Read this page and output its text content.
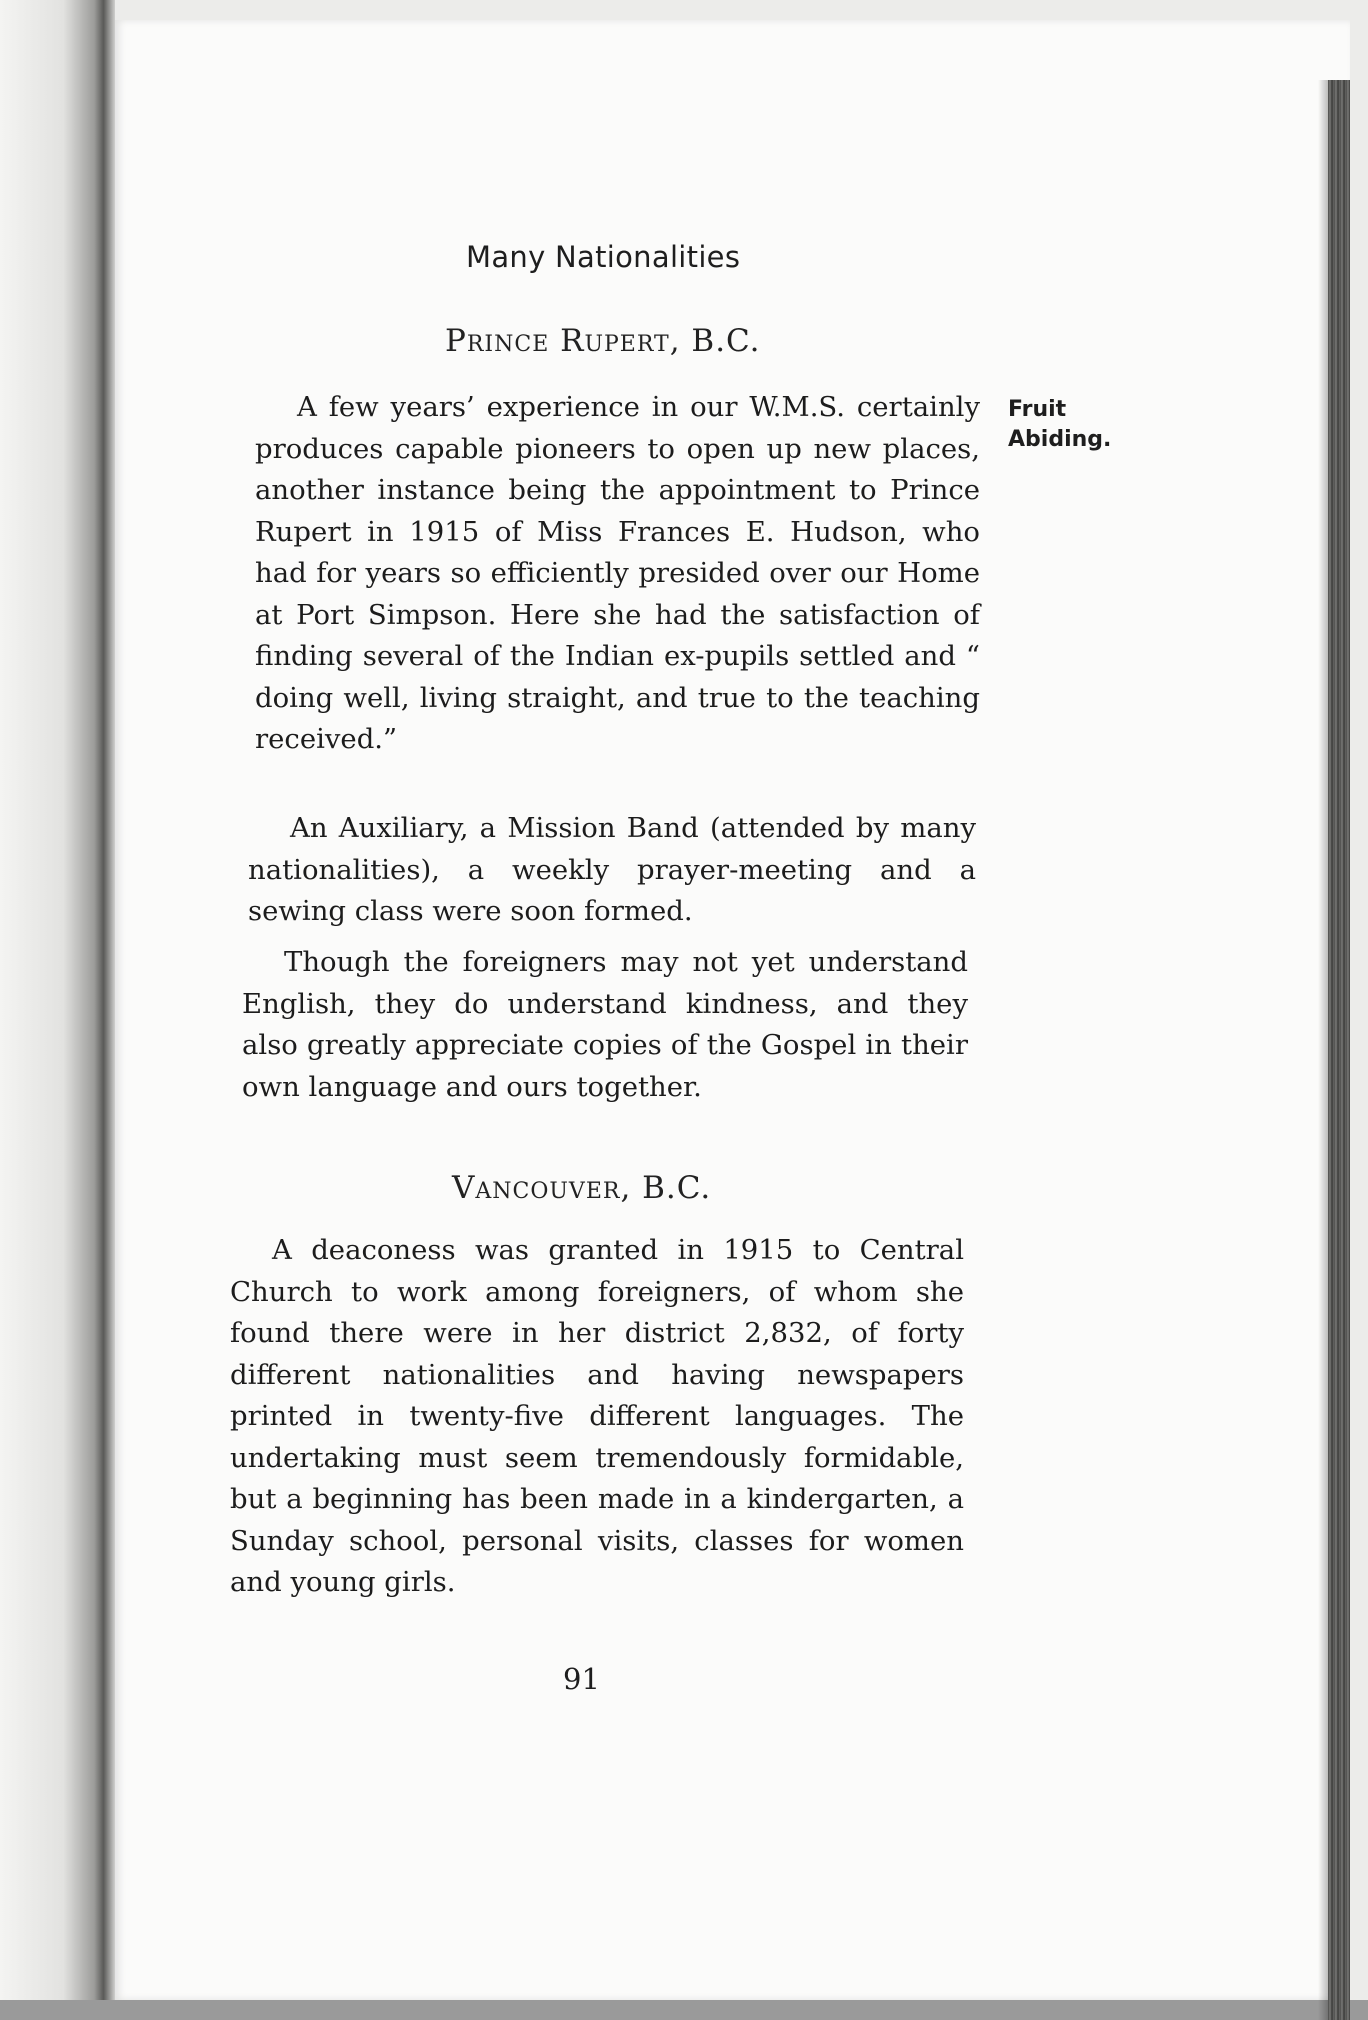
Many Nationalities
Prince Rupert, B.C.
Fruit
Abiding.

A few years’ experience in our W.M.S. certainly produces capable pioneers to open up new places, another instance being the appointment to Prince Rupert in 1915 of Miss Frances E. Hudson, who had for years so efficiently presided over our Home at Port Simpson. Here she had the satisfaction of finding several of the Indian ex-pupils settled and “ doing well, living straight, and true to the teaching received.”

An Auxiliary, a Mission Band (attended by many nationalities), a weekly prayer-meeting and a sewing class were soon formed.

Though the foreigners may not yet understand English, they do understand kindness, and they also greatly appreciate copies of the Gospel in their own language and ours together.

Vancouver, B.C.

A deaconess was granted in 1915 to Central Church to work among foreigners, of whom she found there were in her district 2,832, of forty different nationalities and having newspapers printed in twenty-five different languages. The undertaking must seem tremendously formidable, but a beginning has been made in a kindergarten, a Sunday school, personal visits, classes for women and young girls.

91
